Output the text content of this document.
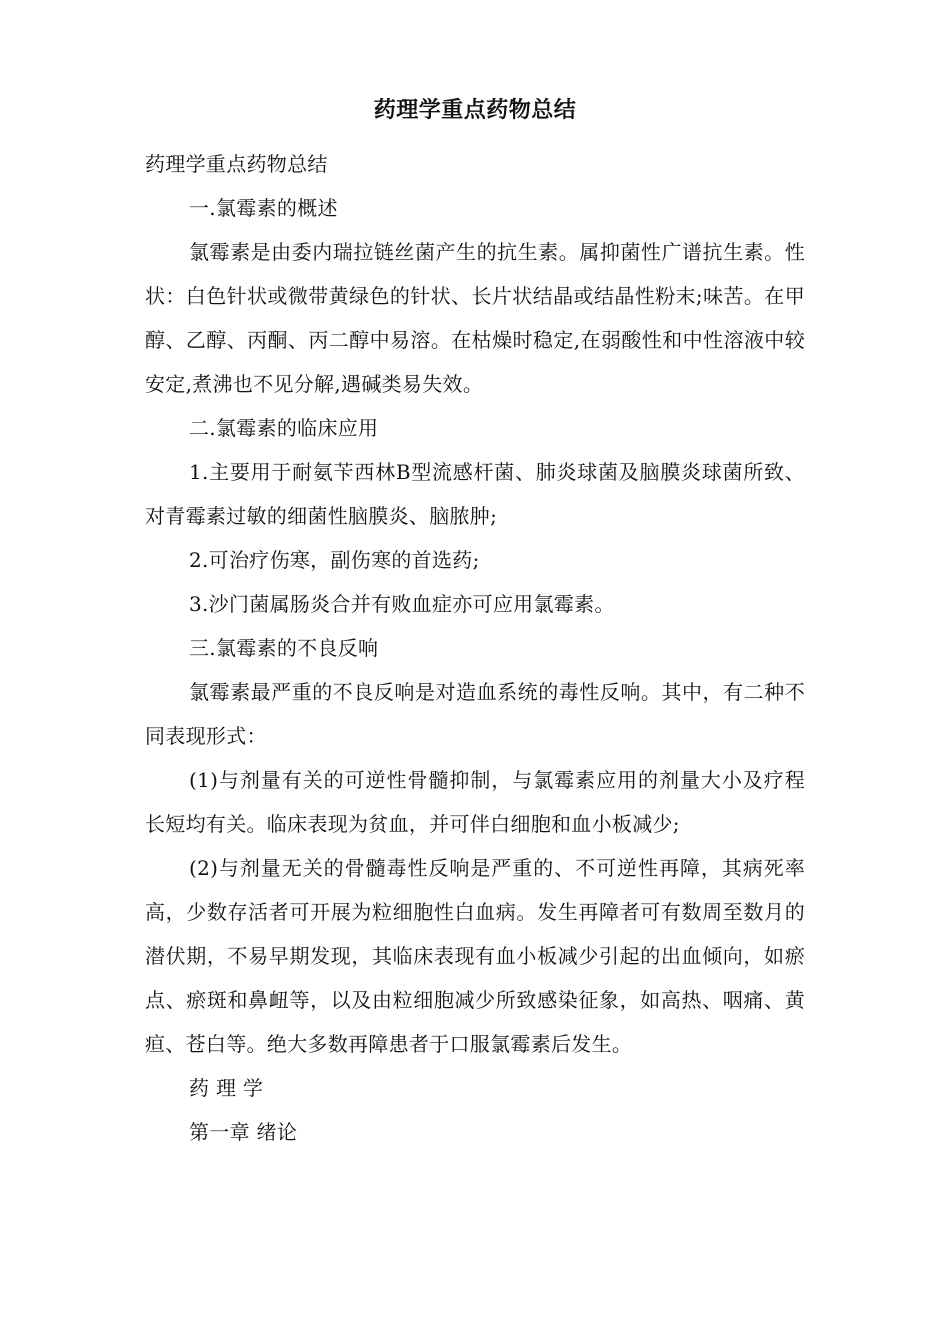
药理学重点药物总结

药理学重点药物总结

一.氯霉素的概述

氯霉素是由委内瑞拉链丝菌产生的抗生素。属抑菌性广谱抗生素。性状：白色针状或微带黄绿色的针状、长片状结晶或结晶性粉末;味苦。在甲醇、乙醇、丙酮、丙二醇中易溶。在枯燥时稳定,在弱酸性和中性溶液中较安定,煮沸也不见分解,遇碱类易失效。

二.氯霉素的临床应用

1.主要用于耐氨苄西林B型流感杆菌、肺炎球菌及脑膜炎球菌所致、对青霉素过敏的细菌性脑膜炎、脑脓肿;

2.可治疗伤寒，副伤寒的首选药;

3.沙门菌属肠炎合并有败血症亦可应用氯霉素。

三.氯霉素的不良反响

氯霉素最严重的不良反响是对造血系统的毒性反响。其中，有二种不同表现形式：

(1)与剂量有关的可逆性骨髓抑制，与氯霉素应用的剂量大小及疗程长短均有关。临床表现为贫血，并可伴白细胞和血小板减少;

(2)与剂量无关的骨髓毒性反响是严重的、不可逆性再障，其病死率高，少数存活者可开展为粒细胞性白血病。发生再障者可有数周至数月的潜伏期，不易早期发现，其临床表现有血小板减少引起的出血倾向，如瘀点、瘀斑和鼻衄等，以及由粒细胞减少所致感染征象，如高热、咽痛、黄疸、苍白等。绝大多数再障患者于口服氯霉素后发生。

药 理 学

第一章 绪论
